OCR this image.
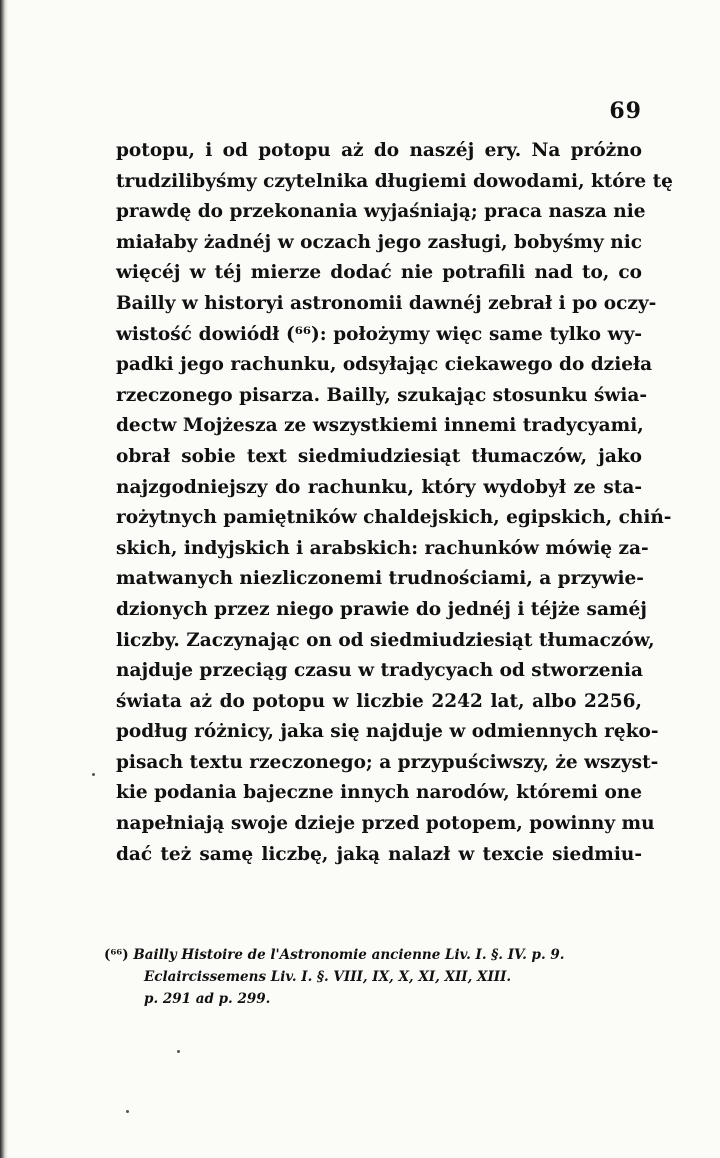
69
potopu, i od potopu aż do naszéj ery. Na próżno
trudzilibyśmy czytelnika długiemi dowodami, które tę
prawdę do przekonania wyjaśniają; praca nasza nie
miałaby żadnéj w oczach jego zasługi, bobyśmy nic
więcéj w téj mierze dodać nie potrafili nad to, co
Bailly w historyi astronomii dawnéj zebrał i po oczy-
wistość dowiódł (⁶⁶): położymy więc same tylko wy-
padki jego rachunku, odsyłając ciekawego do dzieła
rzeczonego pisarza. Bailly, szukając stosunku świa-
dectw Mojżesza ze wszystkiemi innemi tradycyami,
obrał sobie text siedmiudziesiąt tłumaczów, jako
najzgodniejszy do rachunku, który wydobył ze sta-
rożytnych pamiętników chaldejskich, egipskich, chiń-
skich, indyjskich i arabskich: rachunków mówię za-
matwanych niezliczonemi trudnościami, a przywie-
dzionych przez niego prawie do jednéj i téjże saméj
liczby. Zaczynając on od siedmiudziesiąt tłumaczów,
najduje przeciąg czasu w tradycyach od stworzenia
świata aż do potopu w liczbie 2242 lat, albo 2256,
podług różnicy, jaka się najduje w odmiennych ręko-
pisach textu rzeczonego; a przypuściwszy, że wszyst-
kie podania bajeczne innych narodów, któremi one
napełniają swoje dzieje przed potopem, powinny mu
dać też samę liczbę, jaką nalazł w texcie siedmiu-
(⁶⁶) Bailly Histoire de l'Astronomie ancienne Liv. I. §. IV. p. 9.
Eclaircissemens Liv. I. §. VIII, IX, X, XI, XII, XIII.
p. 291 ad p. 299.
